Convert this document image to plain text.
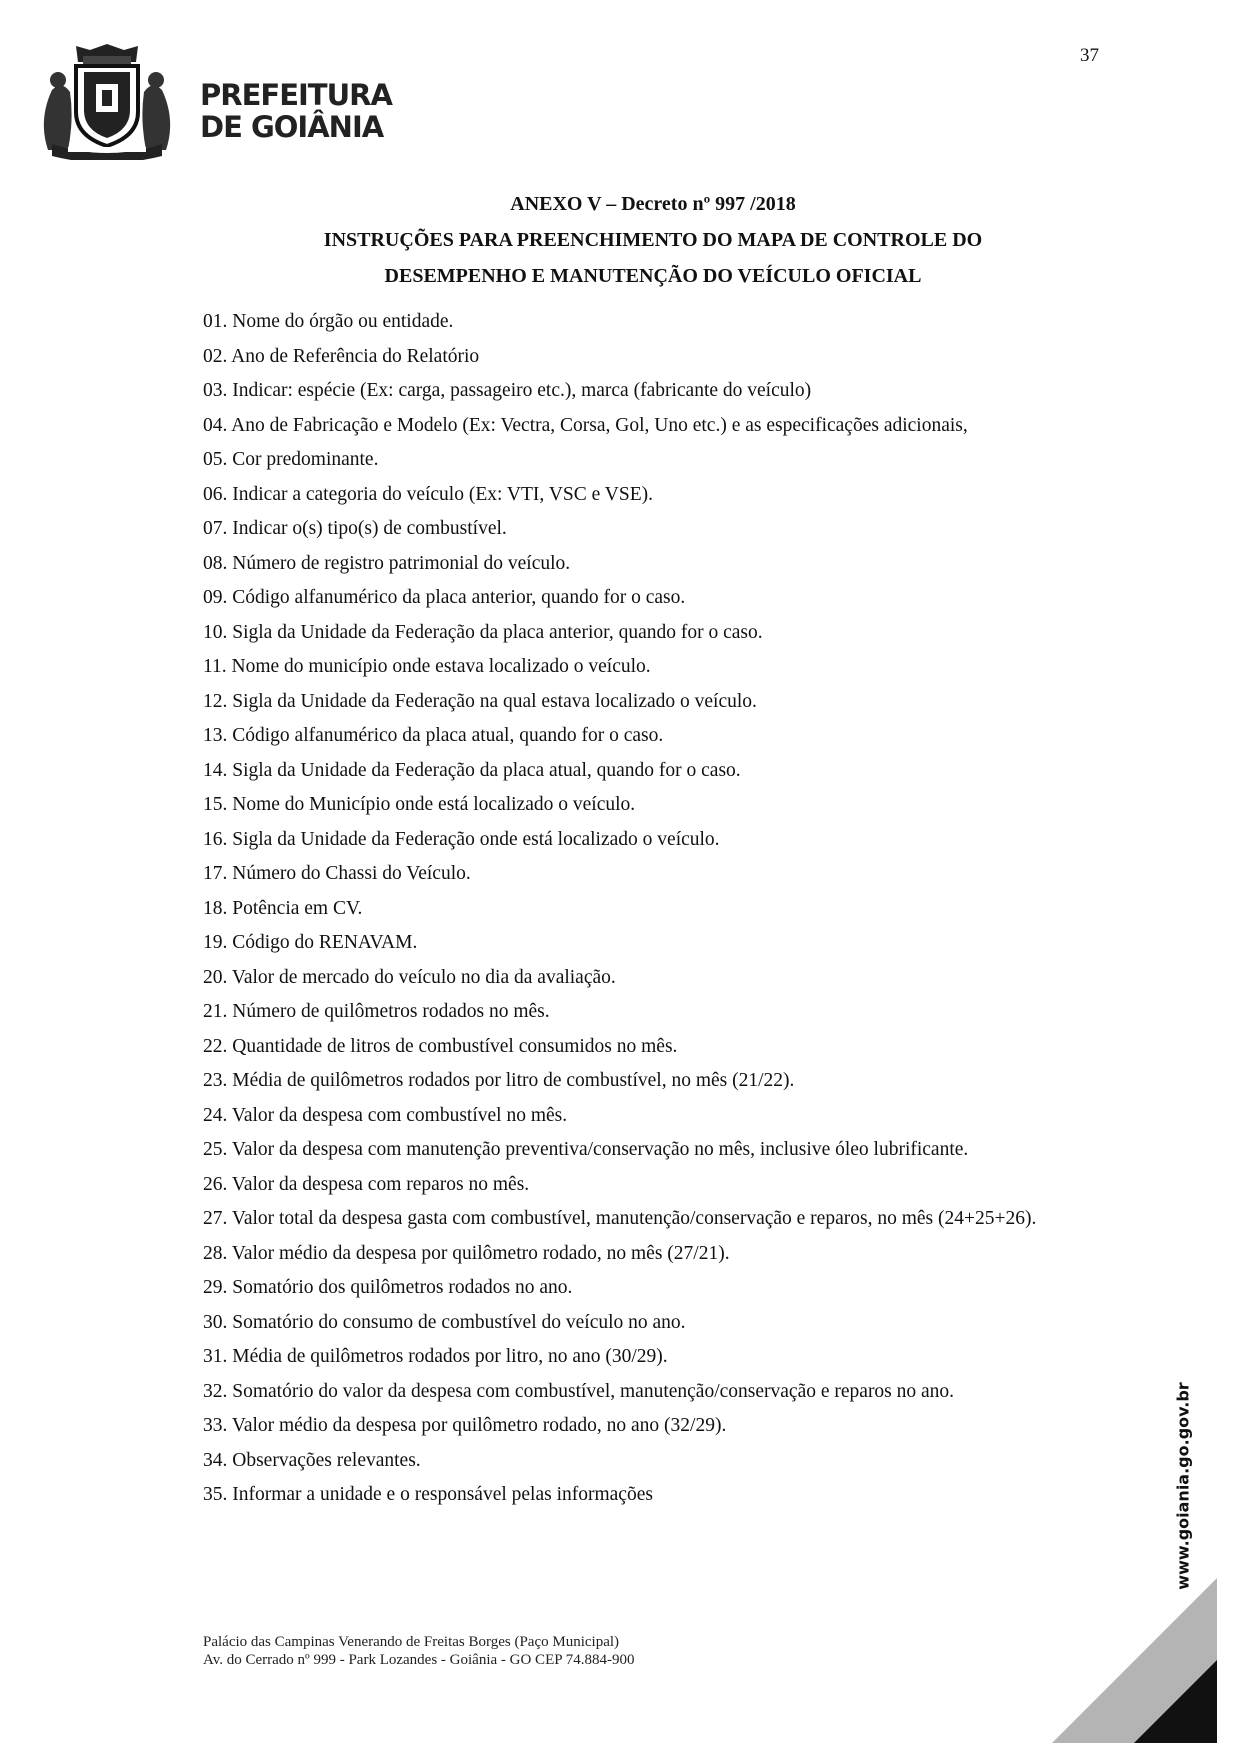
37
PREFEITURA
DE GOIÂNIA
ANEXO V – Decreto nº 997 /2018
INSTRUÇÕES PARA PREENCHIMENTO DO MAPA DE CONTROLE DO
DESEMPENHO E MANUTENÇÃO DO VEÍCULO OFICIAL
01. Nome do órgão ou entidade.
02. Ano de Referência do Relatório
03. Indicar: espécie (Ex: carga, passageiro etc.), marca (fabricante do veículo)
04. Ano de Fabricação e Modelo (Ex: Vectra, Corsa, Gol, Uno etc.) e as especificações adicionais,
05. Cor predominante.
06. Indicar a categoria do veículo (Ex: VTI, VSC e VSE).
07. Indicar o(s) tipo(s) de combustível.
08. Número de registro patrimonial do veículo.
09. Código alfanumérico da placa anterior, quando for o caso.
10. Sigla da Unidade da Federação da placa anterior, quando for o caso.
11. Nome do município onde estava localizado o veículo.
12. Sigla da Unidade da Federação na qual estava localizado o veículo.
13. Código alfanumérico da placa atual, quando for o caso.
14. Sigla da Unidade da Federação da placa atual, quando for o caso.
15. Nome do Município onde está localizado o veículo.
16. Sigla da Unidade da Federação onde está localizado o veículo.
17. Número do Chassi do Veículo.
18. Potência em CV.
19. Código do RENAVAM.
20. Valor de mercado do veículo no dia da avaliação.
21. Número de quilômetros rodados no mês.
22. Quantidade de litros de combustível consumidos no mês.
23. Média de quilômetros rodados por litro de combustível, no mês (21/22).
24. Valor da despesa com combustível no mês.
25. Valor da despesa com manutenção preventiva/conservação no mês, inclusive óleo lubrificante.
26. Valor da despesa com reparos no mês.
27. Valor total da despesa gasta com combustível, manutenção/conservação e reparos, no mês (24+25+26).
28. Valor médio da despesa por quilômetro rodado, no mês (27/21).
29. Somatório dos quilômetros rodados no ano.
30. Somatório do consumo de combustível do veículo no ano.
31. Média de quilômetros rodados por litro, no ano (30/29).
32. Somatório do valor da despesa com combustível, manutenção/conservação e reparos no ano.
33. Valor médio da despesa por quilômetro rodado, no ano (32/29).
34. Observações relevantes.
35. Informar a unidade e o responsável pelas informações
Palácio das Campinas Venerando de Freitas Borges (Paço Municipal)
Av. do Cerrado nº 999 - Park Lozandes - Goiânia - GO CEP 74.884-900
www.goiania.go.gov.br
